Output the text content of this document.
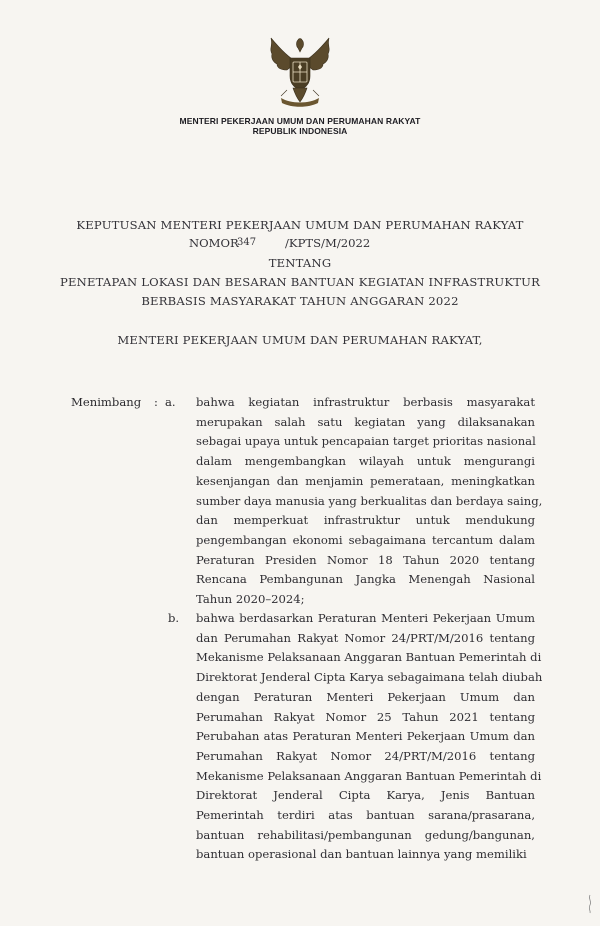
MENTERI PEKERJAAN UMUM DAN PERUMAHAN RAKYAT
REPUBLIK INDONESIA
KEPUTUSAN MENTERI PEKERJAAN UMUM DAN PERUMAHAN RAKYAT
NOMOR
347 /KPTS/M/2022
TENTANG
PENETAPAN LOKASI DAN BESARAN BANTUAN KEGIATAN INFRASTRUKTUR
BERBASIS MASYARAKAT TAHUN ANGGARAN 2022
MENTERI PEKERJAAN UMUM DAN PERUMAHAN RAKYAT,
Menimbang : a.
b.
bahwa kegiatan infrastruktur berbasis masyarakat
merupakan salah satu kegiatan yang dilaksanakan
sebagai upaya untuk pencapaian target prioritas nasional
dalam mengembangkan wilayah untuk mengurangi
kesenjangan dan menjamin pemerataan, meningkatkan
sumber daya manusia yang berkualitas dan berdaya saing,
dan memperkuat infrastruktur untuk mendukung
pengembangan ekonomi sebagaimana tercantum dalam
Peraturan Presiden Nomor 18 Tahun 2020 tentang
Rencana Pembangunan Jangka Menengah Nasional
Tahun 2020–2024;
bahwa berdasarkan Peraturan Menteri Pekerjaan Umum
dan Perumahan Rakyat Nomor 24/PRT/M/2016 tentang
Mekanisme Pelaksanaan Anggaran Bantuan Pemerintah di
Direktorat Jenderal Cipta Karya sebagaimana telah diubah
dengan Peraturan Menteri Pekerjaan Umum dan
Perumahan Rakyat Nomor 25 Tahun 2021 tentang
Perubahan atas Peraturan Menteri Pekerjaan Umum dan
Perumahan Rakyat Nomor 24/PRT/M/2016 tentang
Mekanisme Pelaksanaan Anggaran Bantuan Pemerintah di
Direktorat Jenderal Cipta Karya, Jenis Bantuan
Pemerintah terdiri atas bantuan sarana/prasarana,
bantuan rehabilitasi/pembangunan gedung/bangunan,
bantuan operasional dan bantuan lainnya yang memiliki
